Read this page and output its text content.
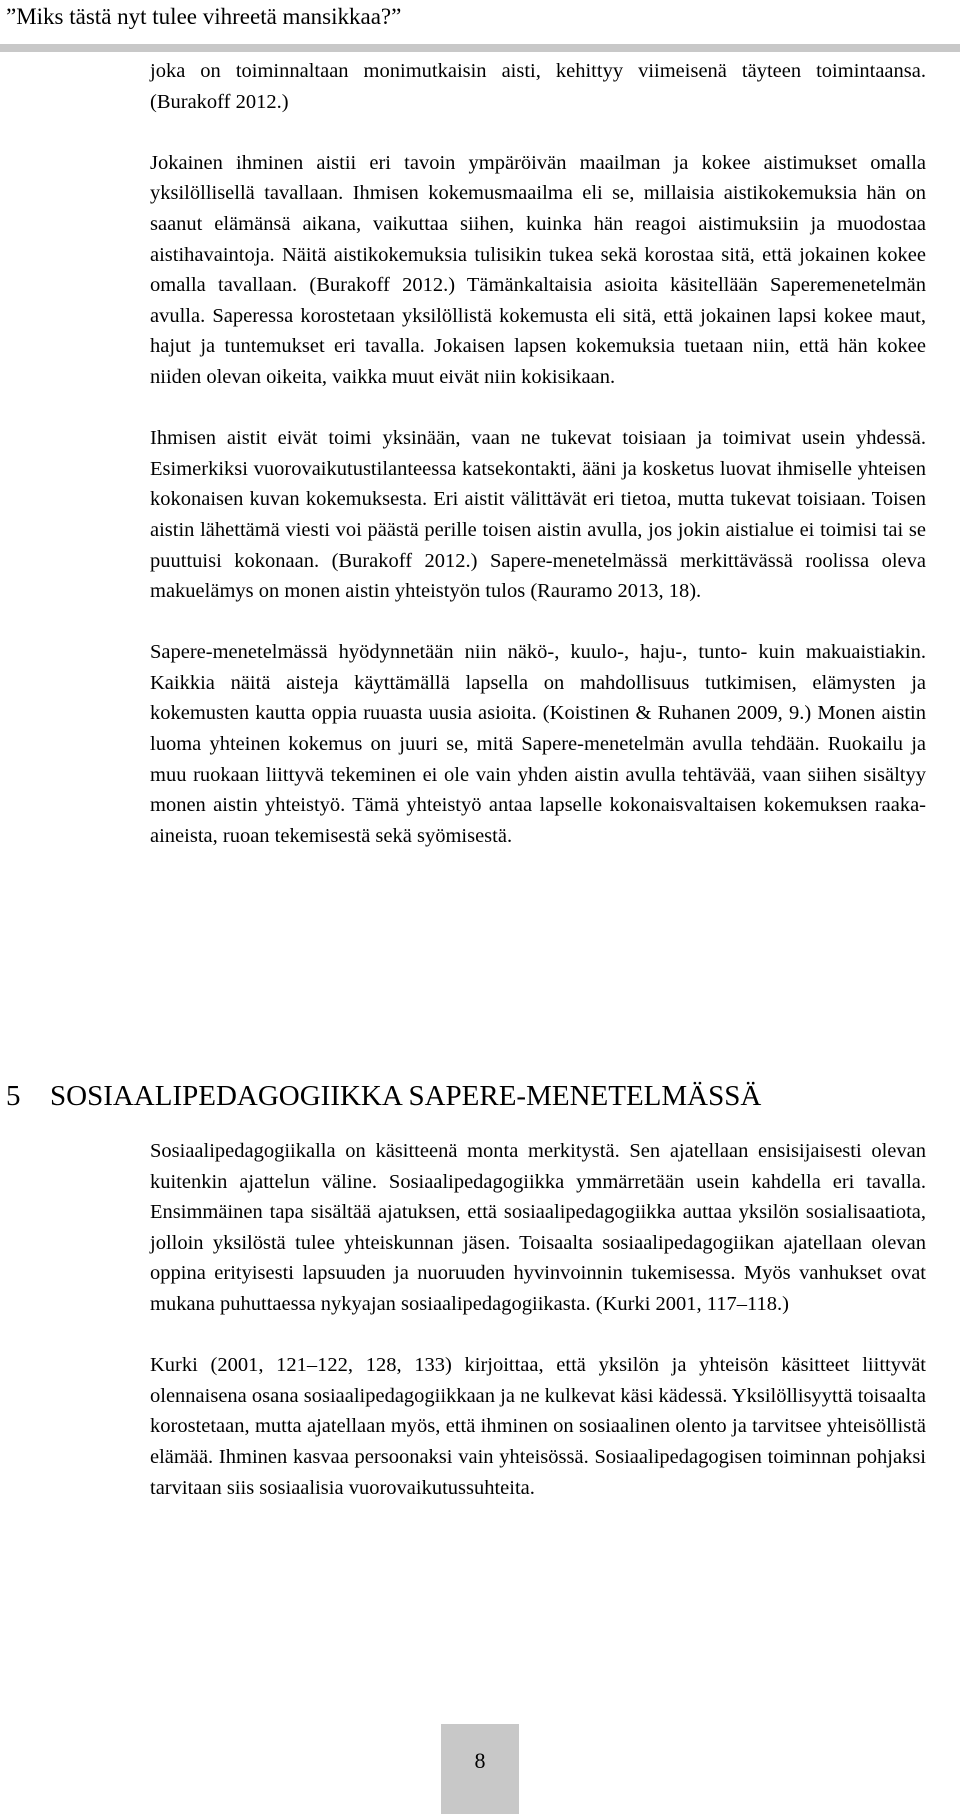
”Miks tästä nyt tulee vihreetä mansikkaa?”

joka on toiminnaltaan monimutkaisin aisti, kehittyy viimeisenä täyteen toimintaansa. (Burakoff 2012.)

Jokainen ihminen aistii eri tavoin ympäröivän maailman ja kokee aistimukset omalla yksilöllisellä tavallaan. Ihmisen kokemusmaailma eli se, millaisia aistikokemuksia hän on saanut elämänsä aikana, vaikuttaa siihen, kuinka hän reagoi aistimuksiin ja muodostaa aistihavaintoja. Näitä aistikokemuksia tulisikin tukea sekä korostaa sitä, että jokainen kokee omalla tavallaan. (Burakoff 2012.) Tämänkaltaisia asioita käsitellään Saperemenetelmän avulla. Saperessa korostetaan yksilöllistä kokemusta eli sitä, että jokainen lapsi kokee maut, hajut ja tuntemukset eri tavalla. Jokaisen lapsen kokemuksia tuetaan niin, että hän kokee niiden olevan oikeita, vaikka muut eivät niin kokisikaan.

Ihmisen aistit eivät toimi yksinään, vaan ne tukevat toisiaan ja toimivat usein yhdessä. Esimerkiksi vuorovaikutustilanteessa katsekontakti, ääni ja kosketus luovat ihmiselle yhteisen kokonaisen kuvan kokemuksesta. Eri aistit välittävät eri tietoa, mutta tukevat toisiaan. Toisen aistin lähettämä viesti voi päästä perille toisen aistin avulla, jos jokin aistialue ei toimisi tai se puuttuisi kokonaan. (Burakoff 2012.) Sapere-menetelmässä merkittävässä roolissa oleva makuelämys on monen aistin yhteistyön tulos (Rauramo 2013, 18).

Sapere-menetelmässä hyödynnetään niin näkö-, kuulo-, haju-, tunto- kuin makuaistiakin. Kaikkia näitä aisteja käyttämällä lapsella on mahdollisuus tutkimisen, elämysten ja kokemusten kautta oppia ruuasta uusia asioita. (Koistinen & Ruhanen 2009, 9.) Monen aistin luoma yhteinen kokemus on juuri se, mitä Sapere-menetelmän avulla tehdään. Ruokailu ja muu ruokaan liittyvä tekeminen ei ole vain yhden aistin avulla tehtävää, vaan siihen sisältyy monen aistin yhteistyö. Tämä yhteistyö antaa lapselle kokonaisvaltaisen kokemuksen raaka-aineista, ruoan tekemisestä sekä syömisestä.

5 SOSIAALIPEDAGOGIIKKA SAPERE-MENETELMÄSSÄ

Sosiaalipedagogiikalla on käsitteenä monta merkitystä. Sen ajatellaan ensisijaisesti olevan kuitenkin ajattelun väline. Sosiaalipedagogiikka ymmärretään usein kahdella eri tavalla. Ensimmäinen tapa sisältää ajatuksen, että sosiaalipedagogiikka auttaa yksilön sosialisaatiota, jolloin yksilöstä tulee yhteiskunnan jäsen. Toisaalta sosiaalipedagogiikan ajatellaan olevan oppina erityisesti lapsuuden ja nuoruuden hyvinvoinnin tukemisessa. Myös vanhukset ovat mukana puhuttaessa nykyajan sosiaalipedagogiikasta. (Kurki 2001, 117–118.)

Kurki (2001, 121–122, 128, 133) kirjoittaa, että yksilön ja yhteisön käsitteet liittyvät olennaisena osana sosiaalipedagogiikkaan ja ne kulkevat käsi kädessä. Yksilöllisyyttä toisaalta korostetaan, mutta ajatellaan myös, että ihminen on sosiaalinen olento ja tarvitsee yhteisöllistä elämää. Ihminen kasvaa persoonaksi vain yhteisössä. Sosiaalipedagogisen toiminnan pohjaksi tarvitaan siis sosiaalisia vuorovaikutussuhteita.

8
